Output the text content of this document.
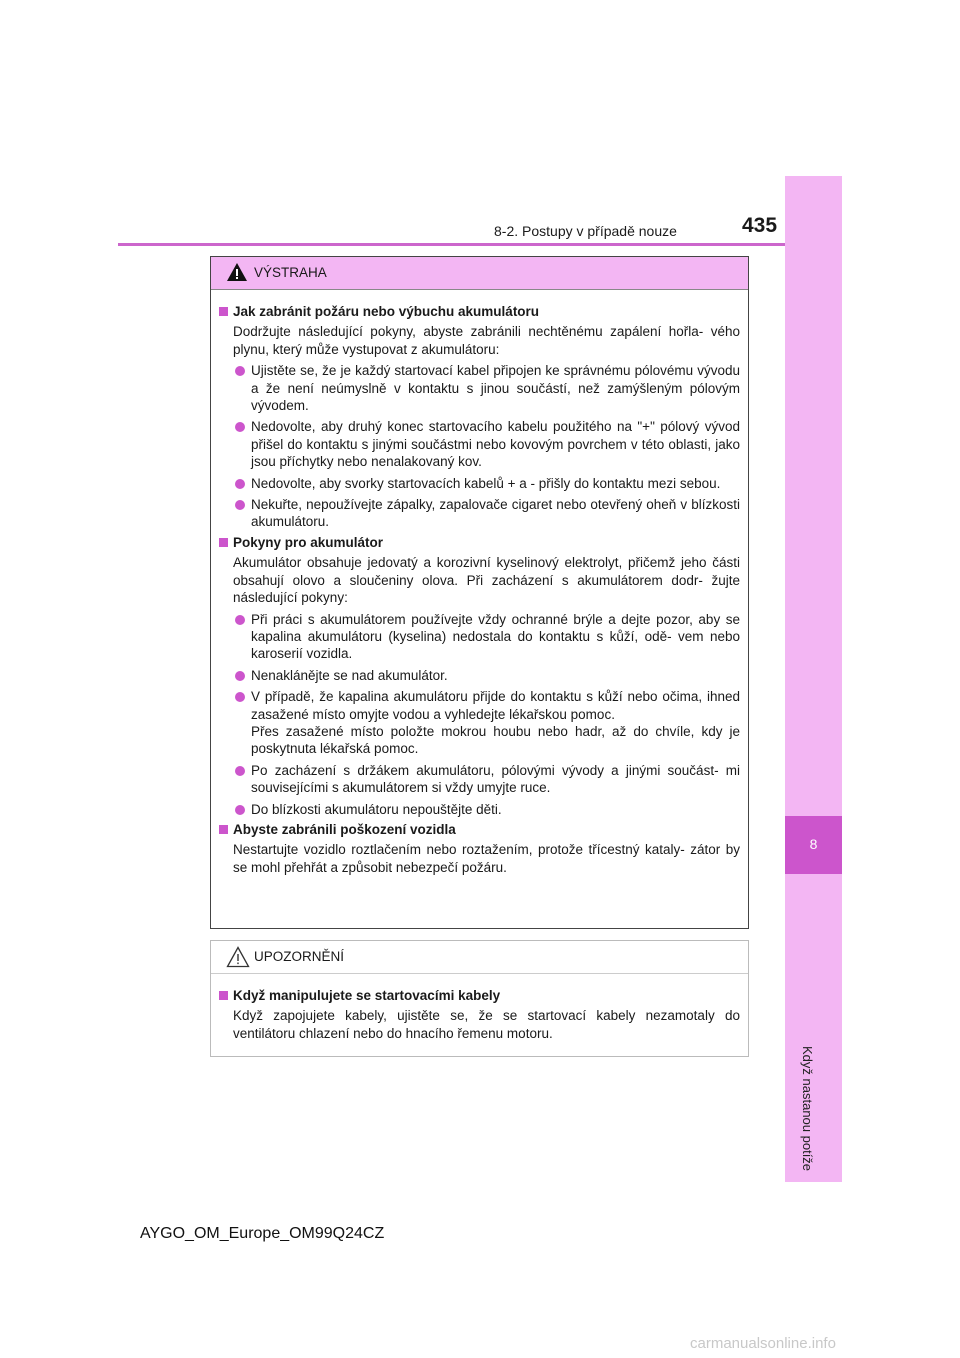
8
Když nastanou potíže
8-2. Postupy v případě nouze	435
VÝSTRAHA
Jak zabránit požáru nebo výbuchu akumulátoru
Dodržujte následující pokyny, abyste zabránili nechtěnému zapálení hořla- vého plynu, který může vystupovat z akumulátoru:
Ujistěte se, že je každý startovací kabel připojen ke správnému pólovému vývodu a že není neúmyslně v kontaktu s jinou součástí, než zamýšleným pólovým vývodem.
Nedovolte, aby druhý konec startovacího kabelu použitého na "+" pólový vývod přišel do kontaktu s jinými součástmi nebo kovovým povrchem v této oblasti, jako jsou příchytky nebo nenalakovaný kov.
Nedovolte, aby svorky startovacích kabelů + a - přišly do kontaktu mezi sebou.
Nekuřte, nepoužívejte zápalky, zapalovače cigaret nebo otevřený oheň v blízkosti akumulátoru.
Pokyny pro akumulátor
Akumulátor obsahuje jedovatý a korozivní kyselinový elektrolyt, přičemž jeho části obsahují olovo a sloučeniny olova. Při zacházení s akumulátorem dodr- žujte následující pokyny:
Při práci s akumulátorem používejte vždy ochranné brýle a dejte pozor, aby se kapalina akumulátoru (kyselina) nedostala do kontaktu s kůží, odě- vem nebo karoserií vozidla.
Nenaklánějte se nad akumulátor.
V případě, že kapalina akumulátoru přijde do kontaktu s kůží nebo očima, ihned zasažené místo omyjte vodou a vyhledejte lékařskou pomoc.
Přes zasažené místo položte mokrou houbu nebo hadr, až do chvíle, kdy je poskytnuta lékařská pomoc.
Po zacházení s držákem akumulátoru, pólovými vývody a jinými součást- mi souvisejícími s akumulátorem si vždy umyjte ruce.
Do blízkosti akumulátoru nepouštějte děti.
Abyste zabránili poškození vozidla
Nestartujte vozidlo roztlačením nebo roztažením, protože třícestný kataly- zátor by se mohl přehřát a způsobit nebezpečí požáru.
UPOZORNĚNÍ
Když manipulujete se startovacími kabely
Když zapojujete kabely, ujistěte se, že se startovací kabely nezamotaly do ventilátoru chlazení nebo do hnacího řemenu motoru.
AYGO_OM_Europe_OM99Q24CZ
carmanualsonline.info
